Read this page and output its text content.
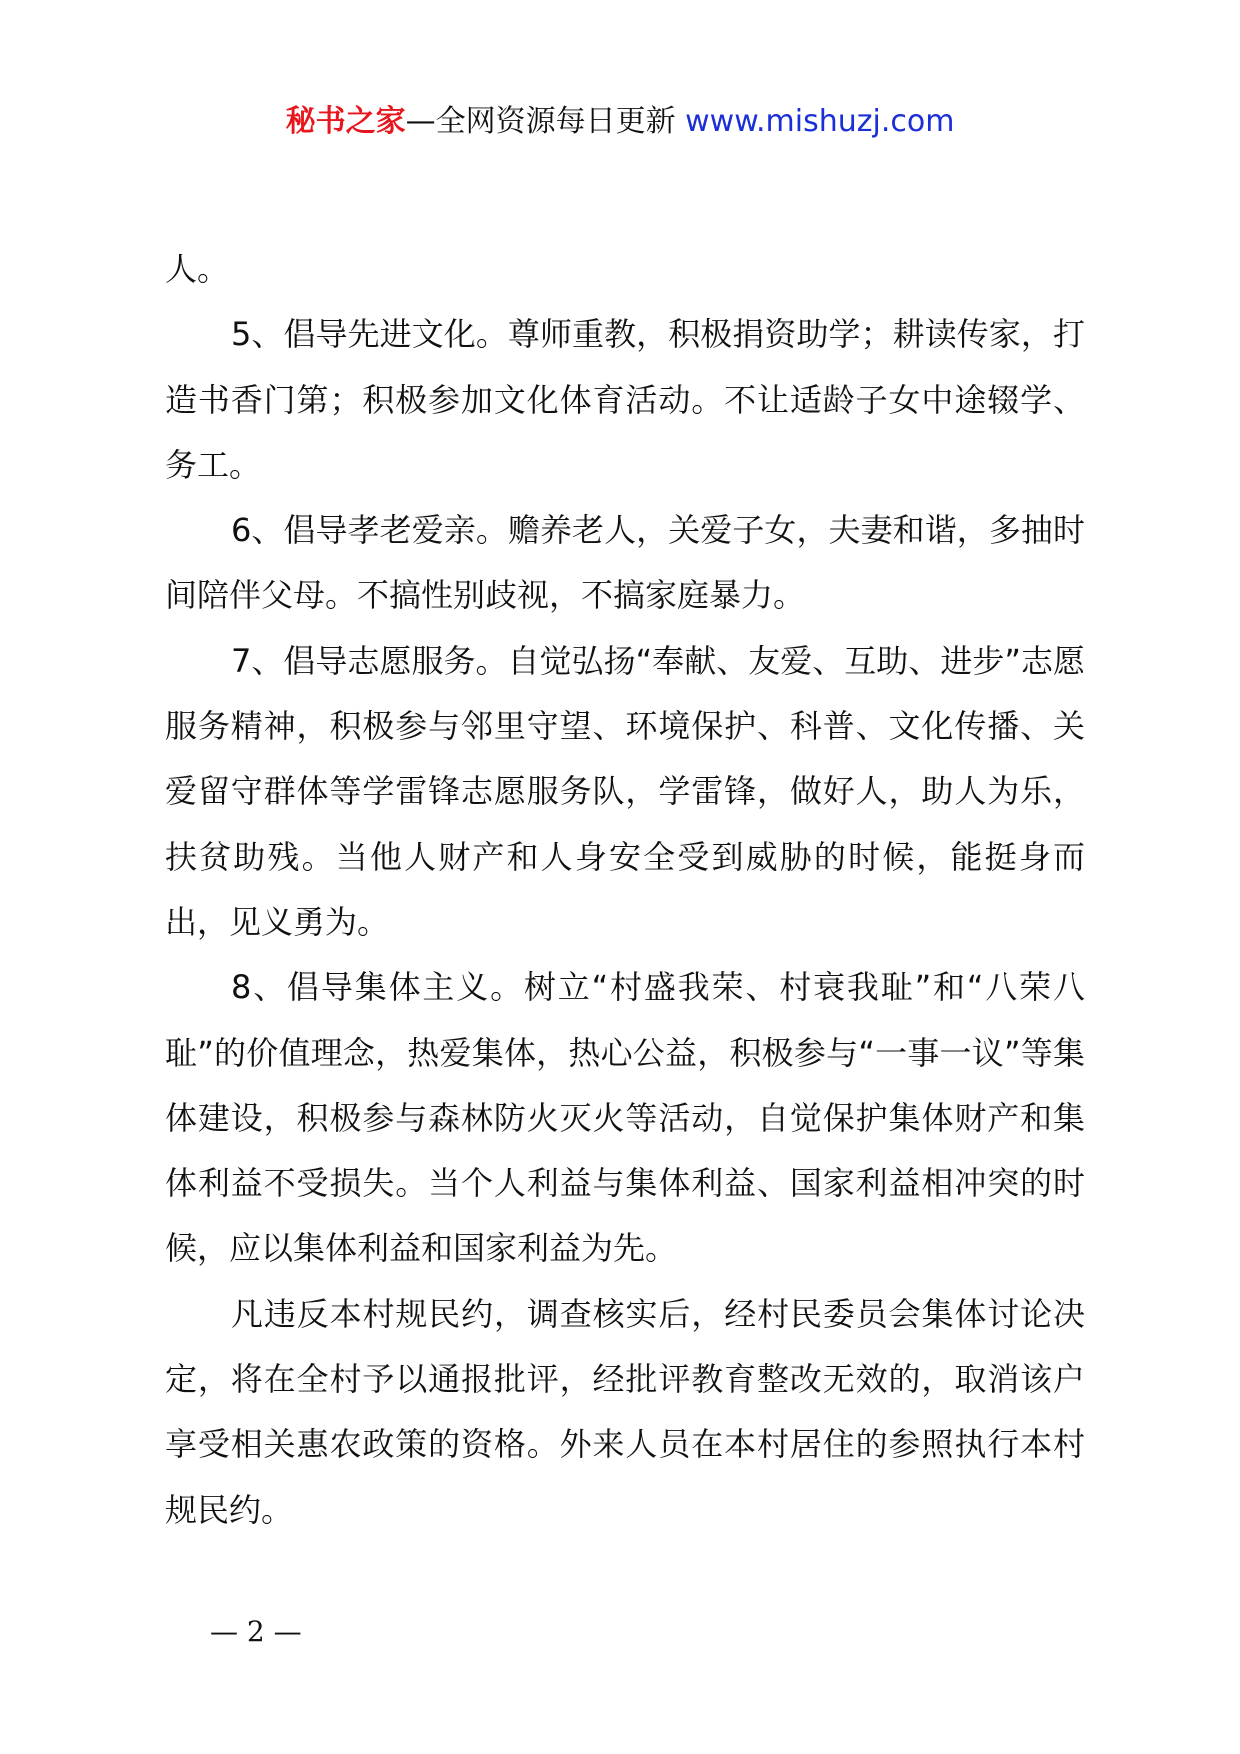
秘书之家—全网资源每日更新 www.mishuzj.com

人。

5、倡导先进文化。尊师重教，积极捐资助学；耕读传家，打造书香门第；积极参加文化体育活动。不让适龄子女中途辍学、务工。

6、倡导孝老爱亲。赡养老人，关爱子女，夫妻和谐，多抽时间陪伴父母。不搞性别歧视，不搞家庭暴力。

7、倡导志愿服务。自觉弘扬“奉献、友爱、互助、进步”志愿服务精神，积极参与邻里守望、环境保护、科普、文化传播、关爱留守群体等学雷锋志愿服务队，学雷锋，做好人，助人为乐，扶贫助残。当他人财产和人身安全受到威胁的时候，能挺身而出，见义勇为。

8、倡导集体主义。树立“村盛我荣、村衰我耻”和“八荣八耻”的价值理念，热爱集体，热心公益，积极参与“一事一议”等集体建设，积极参与森林防火灭火等活动，自觉保护集体财产和集体利益不受损失。当个人利益与集体利益、国家利益相冲突的时候，应以集体利益和国家利益为先。

凡违反本村规民约，调查核实后，经村民委员会集体讨论决定，将在全村予以通报批评，经批评教育整改无效的，取消该户享受相关惠农政策的资格。外来人员在本村居住的参照执行本村规民约。

— 2 —
